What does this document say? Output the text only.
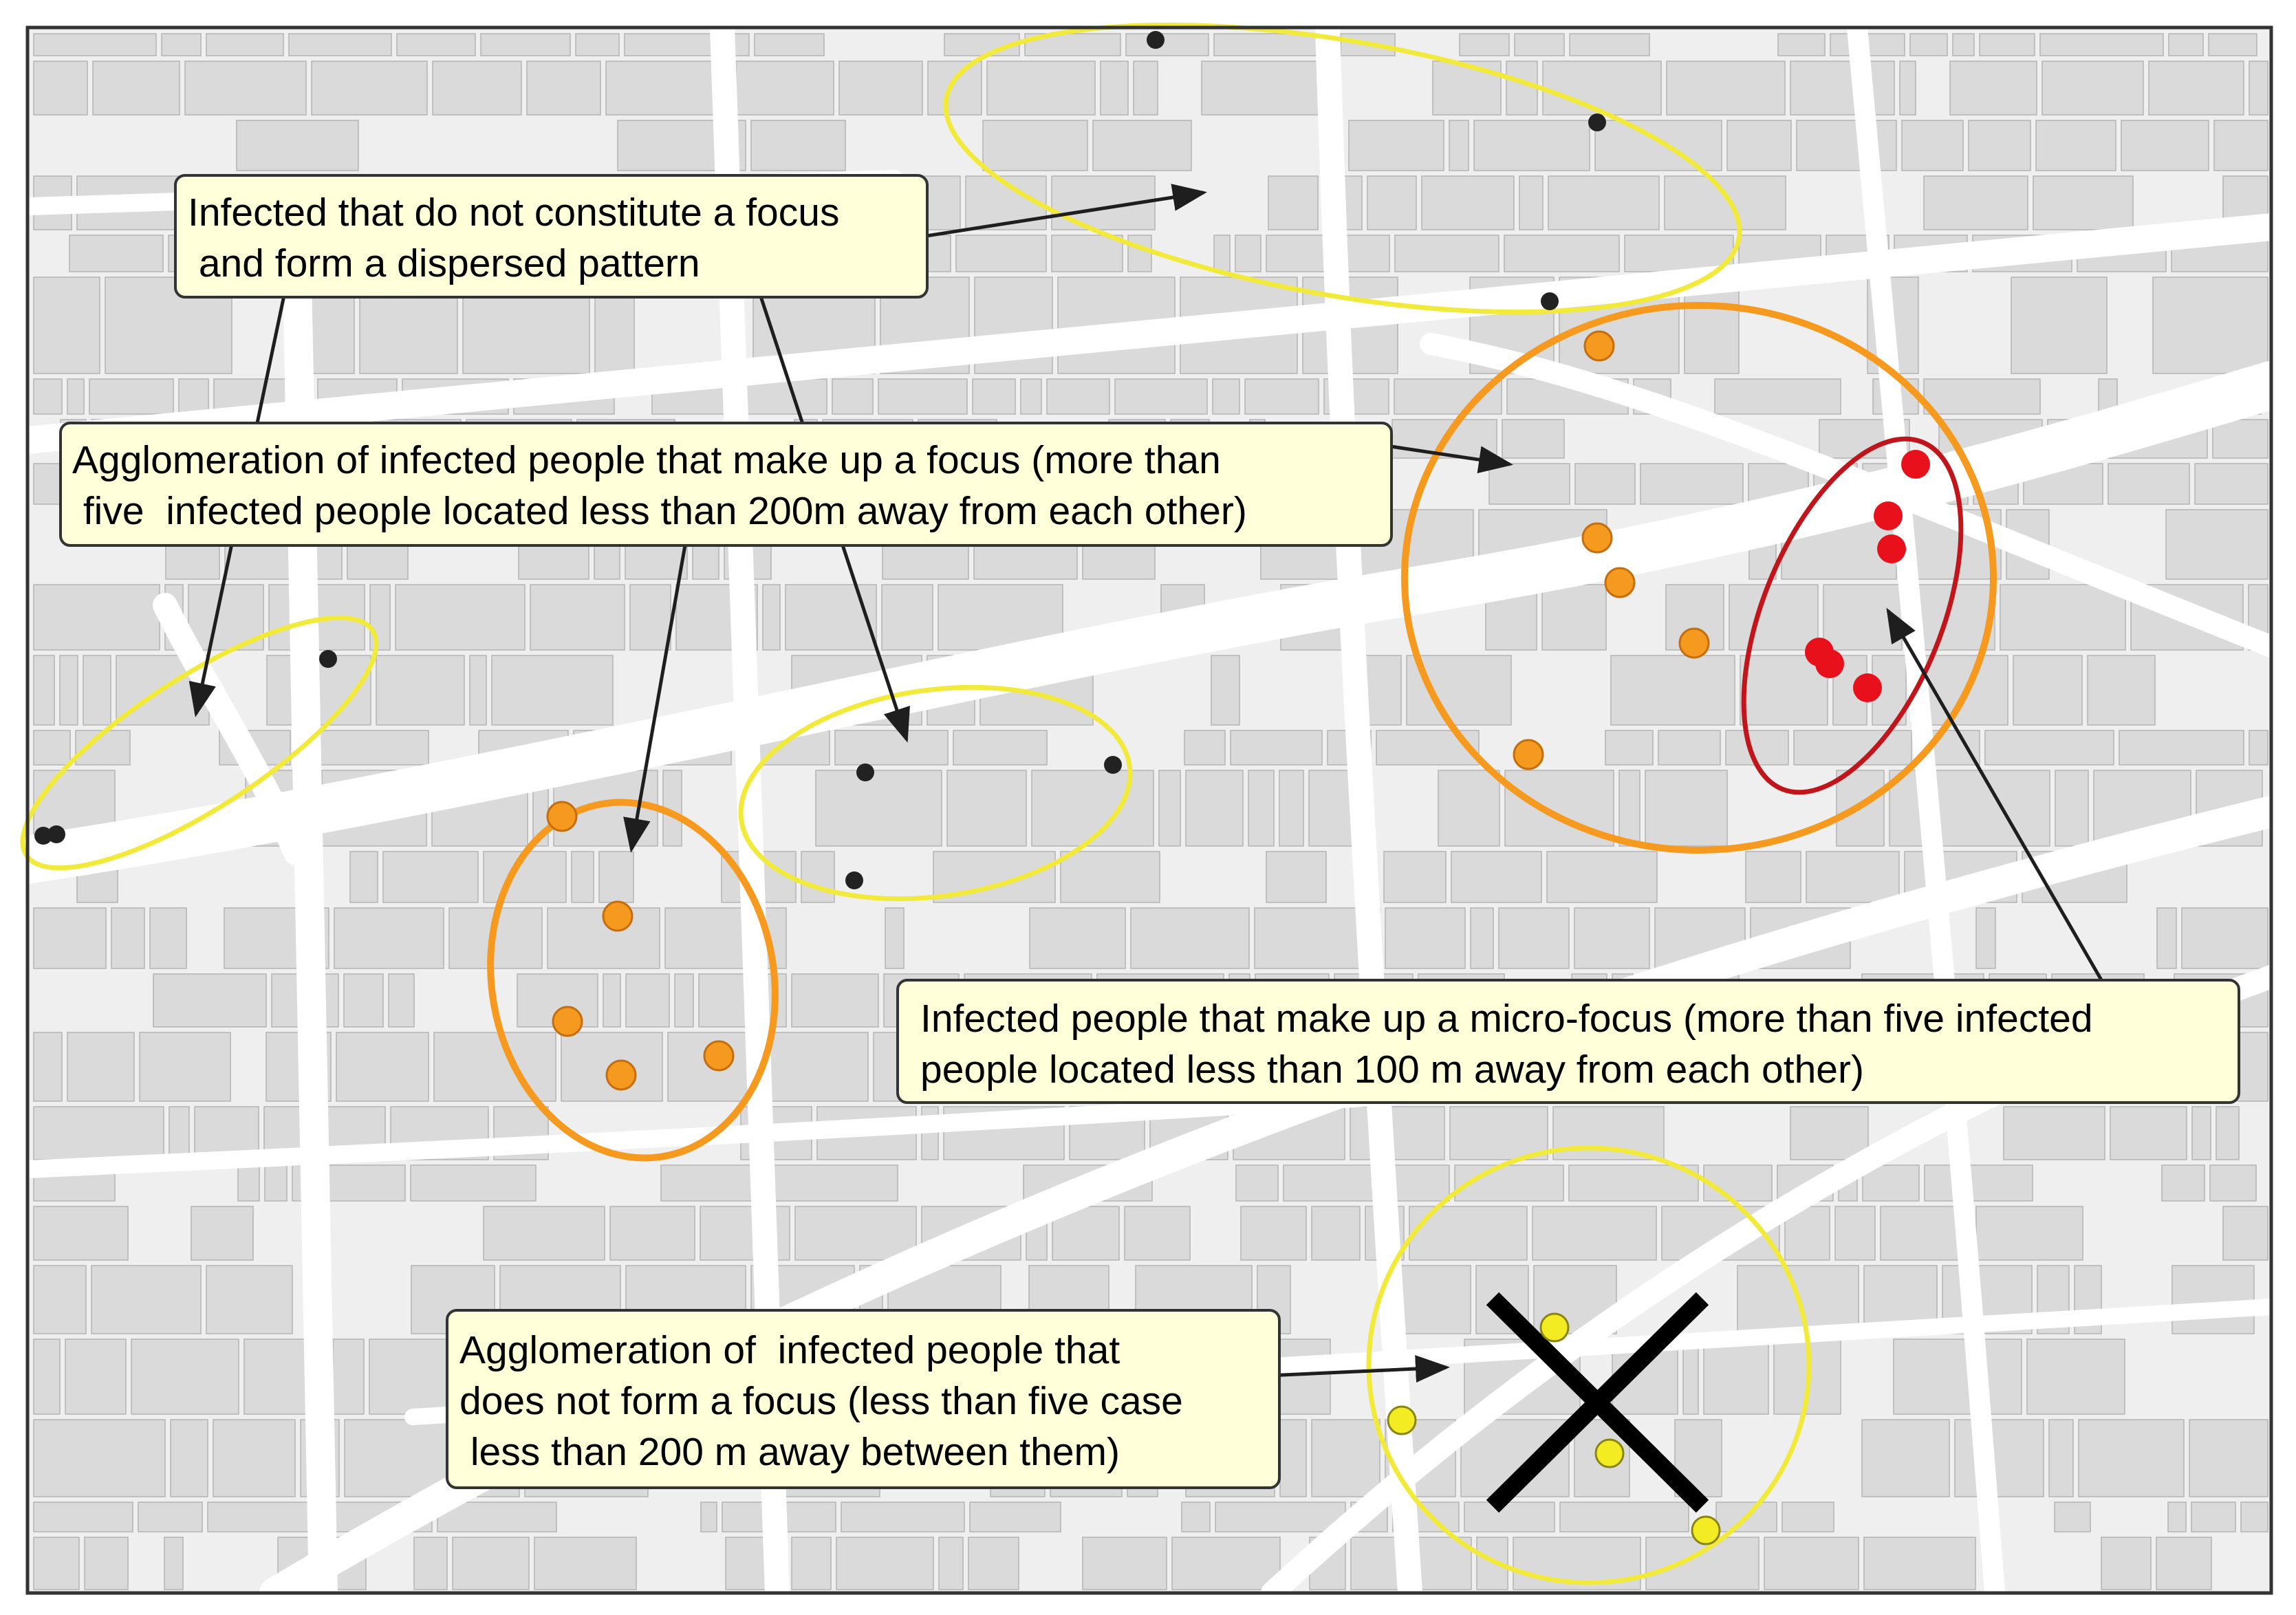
Infected that do not constitute a focus        and form a dispersed pattern
Agglomeration of infected people that make up a focus (more than        five  infected people located less than 200m away from each other)
Infected people that make up a micro-focus (more than five infected people located less than 100 m away from each other)
Agglomeration of  infected people that does not form a focus (less than five case        less than 200 m away between them)
